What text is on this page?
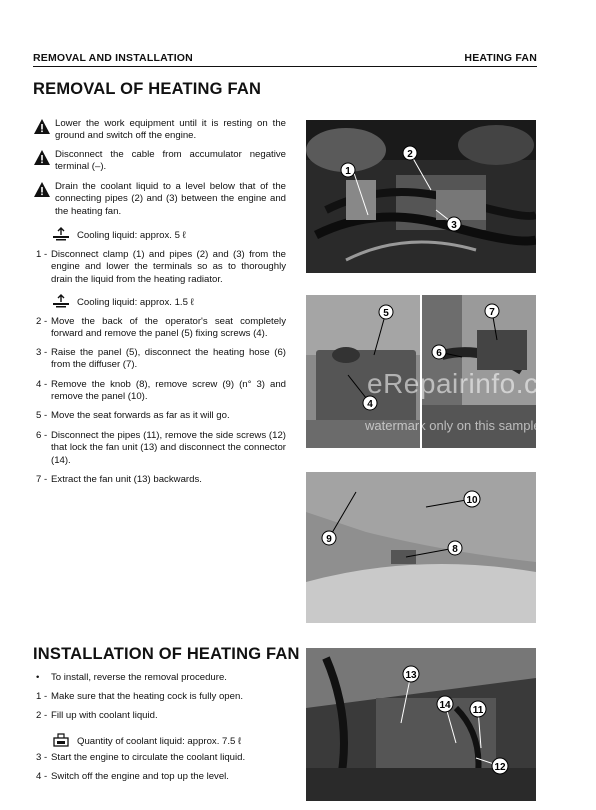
REMOVAL AND INSTALLATION	HEATING FAN
REMOVAL OF HEATING FAN
Lower the work equipment until it is resting on the ground and switch off the engine.
Disconnect the cable from accumulator negative terminal (–).
Drain the coolant liquid to a level below that of the connecting pipes (2) and (3) between the engine and the heating fan.
Cooling liquid: approx. 5 ℓ
1 - Disconnect clamp (1) and pipes (2) and (3) from the engine and lower the terminals so as to thoroughly drain the liquid from the heating radiator.
Cooling liquid: approx. 1.5 ℓ
2 - Move the back of the operator's seat completely forward and remove the panel (5) fixing screws (4).
3 - Raise the panel (5), disconnect the heating hose (6) from the diffuser (7).
4 - Remove the knob (8), remove screw (9) (n° 3) and remove the panel (10).
5 - Move the seat forwards as far as it will go.
6 - Disconnect the pipes (11), remove the side screws (12) that lock the fan unit (13) and disconnect the connector (14).
7 - Extract the fan unit (13) backwards.
INSTALLATION OF HEATING FAN
• To install, reverse the removal procedure.
1 - Make sure that the heating cock is fully open.
2 - Fill up with coolant liquid.
Quantity of coolant liquid: approx. 7.5 ℓ
3 - Start the engine to circulate the coolant liquid.
4 - Switch off the engine and top up the level.
1
2
3
5
4
7
6
10
9
8
13
14 11
12
eRepairinfo.com
watermark only on this sample
